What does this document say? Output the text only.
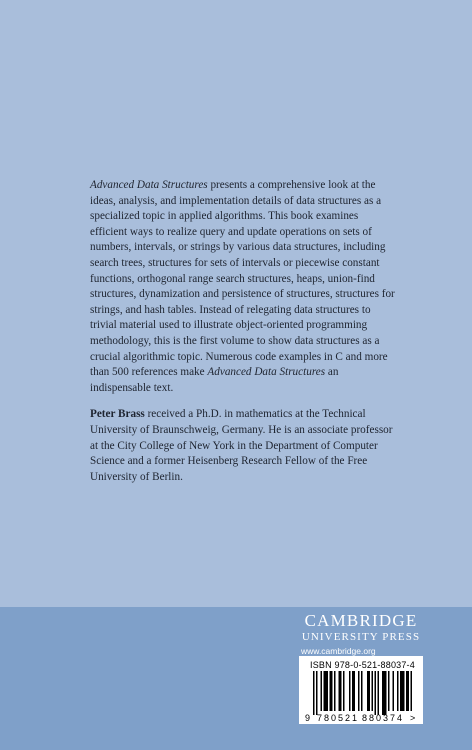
Advanced Data Structures presents a comprehensive look at the ideas, analysis, and implementation details of data structures as a specialized topic in applied algorithms. This book examines efficient ways to realize query and update operations on sets of numbers, intervals, or strings by various data structures, including search trees, structures for sets of intervals or piecewise constant functions, orthogonal range search structures, heaps, union-find structures, dynamization and persistence of structures, structures for strings, and hash tables. Instead of relegating data structures to trivial material used to illustrate object-oriented programming methodology, this is the first volume to show data structures as a crucial algorithmic topic. Numerous code examples in C and more than 500 references make Advanced Data Structures an indispensable text.

Peter Brass received a Ph.D. in mathematics at the Technical University of Braunschweig, Germany. He is an associate professor at the City College of New York in the Department of Computer Science and a former Heisenberg Research Fellow of the Free University of Berlin.

CAMBRIDGE
UNIVERSITY PRESS
www.cambridge.org
ISBN 978-0-521-88037-4
9 780521 880374 >
